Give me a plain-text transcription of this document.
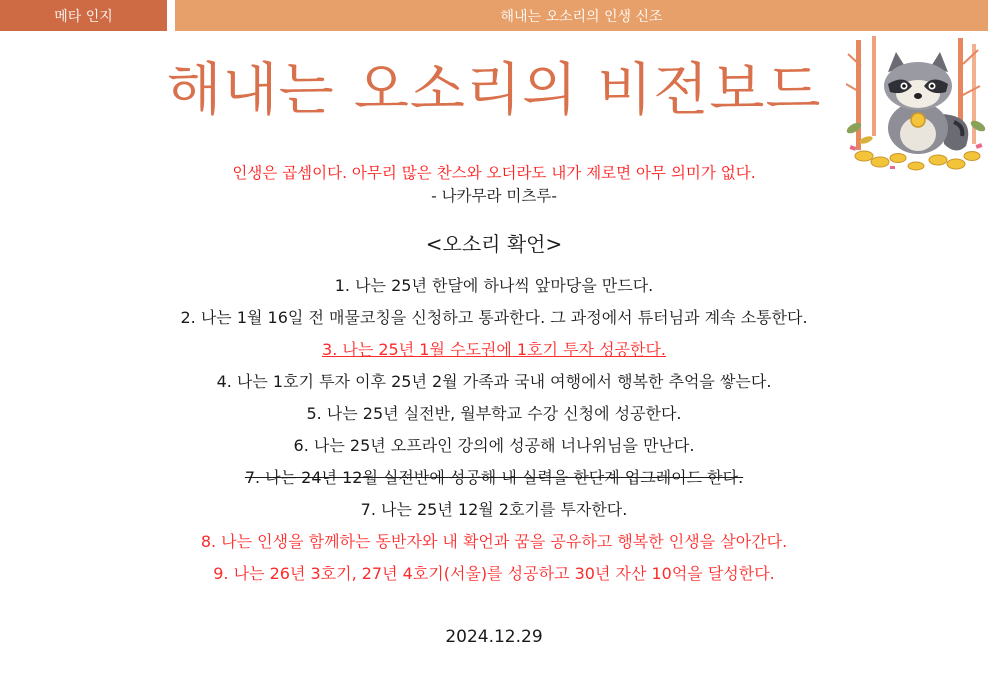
메타 인지	해내는 오소리의 인생 신조
해내는 오소리의 비전보드
인생은 곱셈이다. 아무리 많은 찬스와 오더라도 내가 제로면 아무 의미가 없다.
- 나카무라 미츠루-
<오소리 확언>
1. 나는 25년 한달에 하나씩 앞마당을 만드다.
2. 나는 1월 16일 전 매물코칭을 신청하고 통과한다. 그 과정에서 튜터님과 계속 소통한다.
3. 나는 25년 1월 수도권에 1호기 투자 성공한다.
4. 나는 1호기 투자 이후 25년 2월 가족과 국내 여행에서 행복한 추억을 쌓는다.
5. 나는 25년 실전반, 월부학교 수강 신청에 성공한다.
6. 나는 25년 오프라인 강의에 성공해 너나위님을 만난다.
7. 나는 24년 12월 실전반에 성공해 내 실력을 한단계 업그레이드 한다.
7. 나는 25년 12월 2호기를 투자한다.
8. 나는 인생을 함께하는 동반자와 내 확언과 꿈을 공유하고 행복한 인생을 살아간다.
9. 나는 26년 3호기, 27년 4호기(서울)를 성공하고 30년 자산 10억을 달성한다.
2024.12.29
